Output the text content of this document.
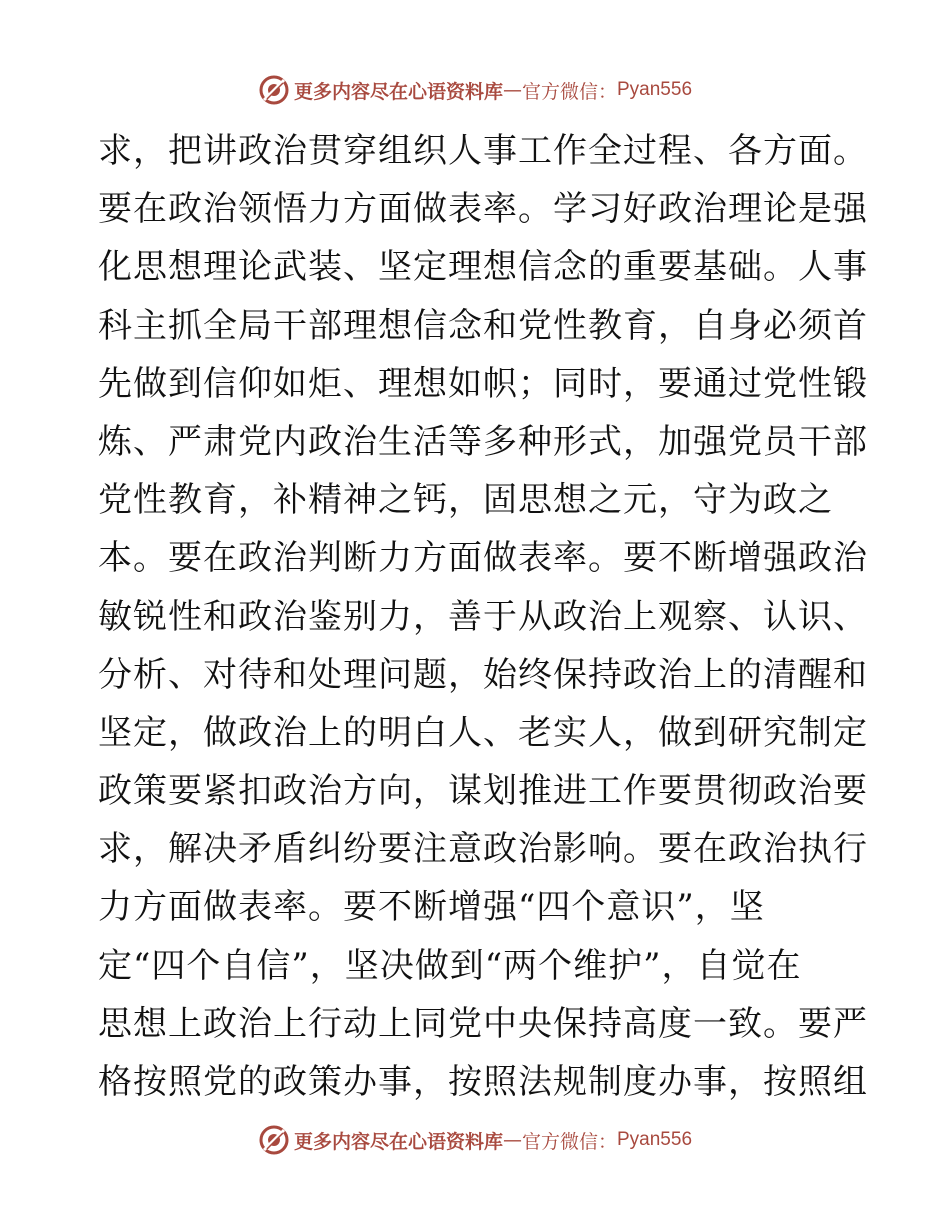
更多内容尽在心语资料库 — 官方微信： Pyan556
求，把讲政治贯穿组织人事工作全过程、各方面。
要在政治领悟力方面做表率。学习好政治理论是强
化思想理论武装、坚定理想信念的重要基础。人事
科主抓全局干部理想信念和党性教育，自身必须首
先做到信仰如炬、理想如帜；同时，要通过党性锻
炼、严肃党内政治生活等多种形式，加强党员干部
党性教育，补精神之钙，固思想之元，守为政之
本。要在政治判断力方面做表率。要不断增强政治
敏锐性和政治鉴别力，善于从政治上观察、认识、
分析、对待和处理问题，始终保持政治上的清醒和
坚定，做政治上的明白人、老实人，做到研究制定
政策要紧扣政治方向，谋划推进工作要贯彻政治要
求，解决矛盾纠纷要注意政治影响。要在政治执行
力方面做表率。要不断增强“四个意识”，坚
定“四个自信”，坚决做到“两个维护”，自觉在
思想上政治上行动上同党中央保持高度一致。要严
格按照党的政策办事，按照法规制度办事，按照组
更多内容尽在心语资料库 — 官方微信： Pyan556
